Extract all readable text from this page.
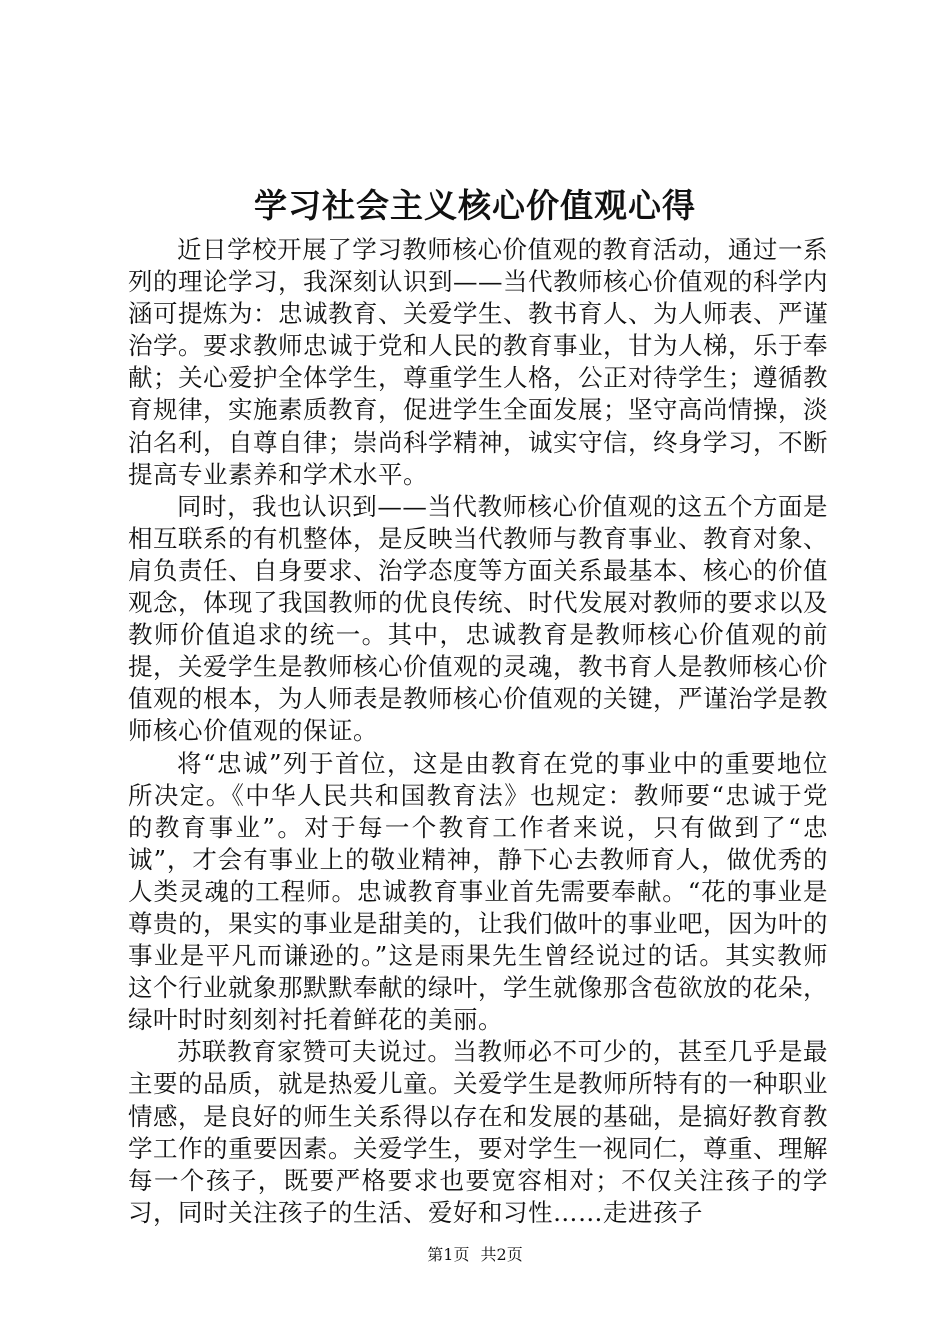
学习社会主义核心价值观心得

近日学校开展了学习教师核心价值观的教育活动，通过一系列的理论学习，我深刻认识到——当代教师核心价值观的科学内涵可提炼为：忠诚教育、关爱学生、教书育人、为人师表、严谨治学。要求教师忠诚于党和人民的教育事业，甘为人梯，乐于奉献；关心爱护全体学生，尊重学生人格，公正对待学生；遵循教育规律，实施素质教育，促进学生全面发展；坚守高尚情操，淡泊名利，自尊自律；崇尚科学精神，诚实守信，终身学习，不断提高专业素养和学术水平。

同时，我也认识到——当代教师核心价值观的这五个方面是相互联系的有机整体，是反映当代教师与教育事业、教育对象、肩负责任、自身要求、治学态度等方面关系最基本、核心的价值观念，体现了我国教师的优良传统、时代发展对教师的要求以及教师价值追求的统一。其中，忠诚教育是教师核心价值观的前提，关爱学生是教师核心价值观的灵魂，教书育人是教师核心价值观的根本，为人师表是教师核心价值观的关键，严谨治学是教师核心价值观的保证。

将“忠诚”列于首位，这是由教育在党的事业中的重要地位所决定。《中华人民共和国教育法》也规定：教师要“忠诚于党的教育事业”。对于每一个教育工作者来说，只有做到了“忠诚”，才会有事业上的敬业精神，静下心去教师育人，做优秀的人类灵魂的工程师。忠诚教育事业首先需要奉献。“花的事业是尊贵的，果实的事业是甜美的，让我们做叶的事业吧，因为叶的事业是平凡而谦逊的。”这是雨果先生曾经说过的话。其实教师这个行业就象那默默奉献的绿叶，学生就像那含苞欲放的花朵，绿叶时时刻刻衬托着鲜花的美丽。

苏联教育家赞可夫说过。当教师必不可少的，甚至几乎是最主要的品质，就是热爱儿童。关爱学生是教师所特有的一种职业情感，是良好的师生关系得以存在和发展的基础，是搞好教育教学工作的重要因素。关爱学生，要对学生一视同仁，尊重、理解每一个孩子，既要严格要求也要宽容相对；不仅关注孩子的学习，同时关注孩子的生活、爱好和习性……走进孩子

第1页 共2页
